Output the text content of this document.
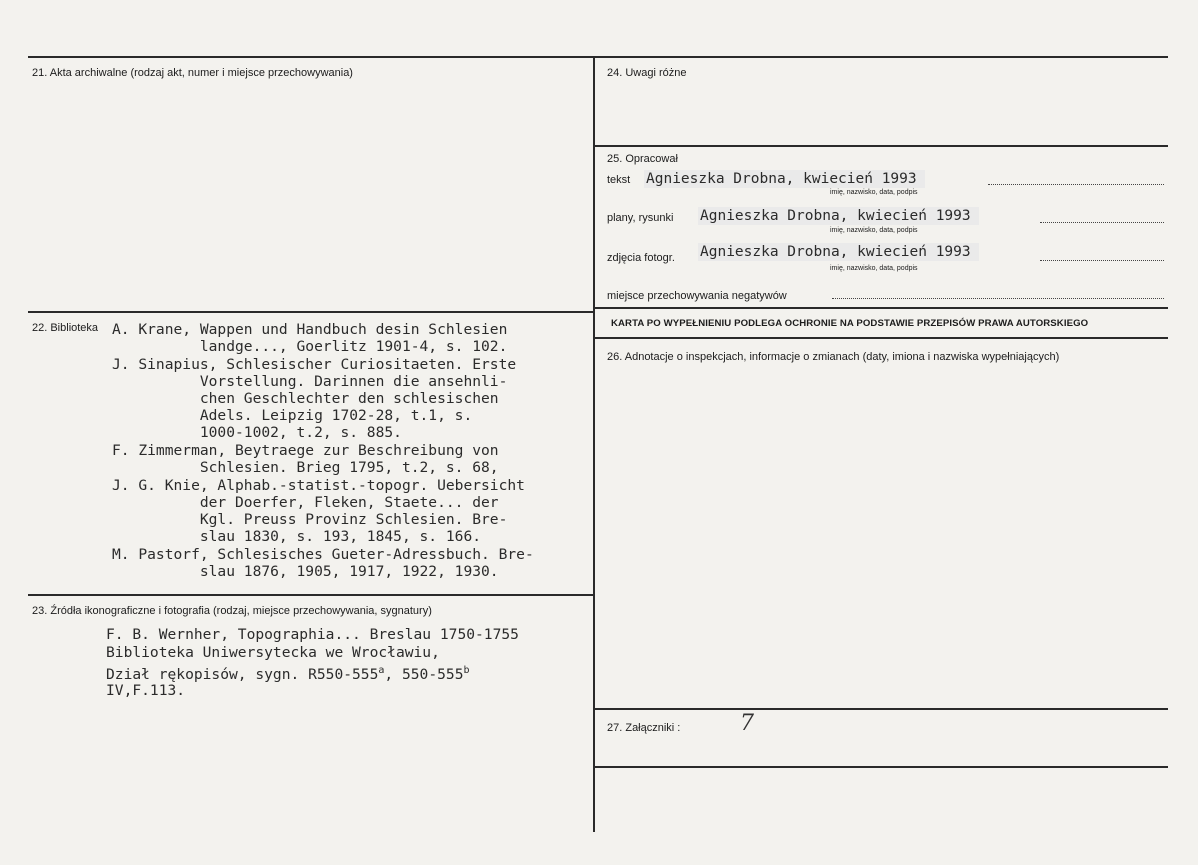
21. Akta archiwalne (rodzaj akt, numer i miejsce przechowywania)
22. Biblioteka A. Krane, Wappen und Handbuch desin Schlesien
landge..., Goerlitz 1901-4, s. 102.
J. Sinapius, Schlesischer Curiositaeten. Erste
Vorstellung. Darinnen die ansehnli-
chen Geschlechter den schlesischen
Adels. Leipzig 1702-28, t.1, s.
1000-1002, t.2, s. 885.
F. Zimmerman, Beytraege zur Beschreibung von
Schlesien. Brieg 1795, t.2, s. 68,
J. G. Knie, Alphab.-statist.-topogr. Uebersicht
der Doerfer, Fleken, Staete... der
Kgl. Preuss Provinz Schlesien. Bre-
slau 1830, s. 193, 1845, s. 166.
M. Pastorf, Schlesisches Gueter-Adressbuch. Bre-
slau 1876, 1905, 1917, 1922, 1930.
23. Źródła ikonograficzne i fotografia (rodzaj, miejsce przechowywania, sygnatury)
F. B. Wernher, Topographia... Breslau 1750-1755
Biblioteka Uniwersytecka we Wrocławiu,
Dział rękopisów, sygn. R550-555$^a$, 550-555$^b$
IV,F.113.
24. Uwagi różne
25. Opracował
tekst Agnieszka Drobna, kwiecień 1993
imię, nazwisko, data, podpis
plany, rysunki Agnieszka Drobna, kwiecień 1993
imię, nazwisko, data, podpis
zdjęcia fotogr. Agnieszka Drobna, kwiecień 1993
imię, nazwisko, data, podpis
miejsce przechowywania negatywów
KARTA PO WYPEŁNIENIU PODLEGA OCHRONIE NA PODSTAWIE PRZEPISÓW PRAWA AUTORSKIEGO
26. Adnotacje o inspekcjach, informacje o zmianach (daty, imiona i nazwiska wypełniających)
27. Załączniki :	7
